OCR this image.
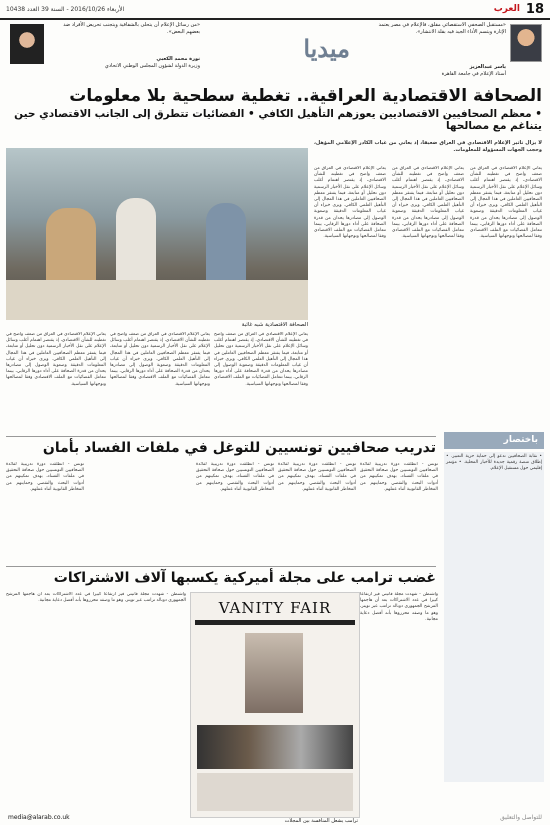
18
العرب
الأربعاء 2016/10/26 - السنة 39 العدد 10438
«مستقبل الصحفي الاستقصائي مقلق، فالإعلام في مصر يعتمد الإثارة ويتسم الأداء الجيد فيه بقلة الانتشار».
ياسر عبدالعزيز
أستاذ الإعلام في جامعة القاهرة
ميديا
«من رسائل الإعلام أن يتحلى بالشفافية ويتجنب تحريض الأفراد ضد بعضهم البعض».
نورة محمد الكعبي
وزيرة الدولة لشؤون المجلس الوطني الاتحادي
الصحافة الاقتصادية العراقية.. تغطية سطحية بلا معلومات
• معظم الصحافيين الاقتصاديين يعوزهم التأهيل الكافي • الفضائيات تتطرق إلى الجانب الاقتصادي حين يتناغم مع مصالحها
لا يزال تأثير الإعلام الاقتصادي في العراق ضعيفا، إذ يعاني من غياب الكادر الإعلامي المؤهل، وحجب الجهات المسؤولة للمعلومات.
يعاني الإعلام الاقتصادي في العراق من ضعف واضح في تغطيته للشأن الاقتصادي، إذ يقتصر اهتمام أغلب وسائل الإعلام على نقل الأخبار الرسمية دون تحليل أو متابعة، فيما يفتقر معظم الصحافيين العاملين في هذا المجال إلى التأهيل العلمي الكافي. ويرى خبراء أن غياب المعلومات الدقيقة وصعوبة الوصول إلى مصادرها يحدان من قدرة الصحافة على أداء دورها الرقابي، بينما تتعامل الفضائيات مع الملف الاقتصادي وفقا لمصالحها وتوجهاتها السياسية.
يعاني الإعلام الاقتصادي في العراق من ضعف واضح في تغطيته للشأن الاقتصادي، إذ يقتصر اهتمام أغلب وسائل الإعلام على نقل الأخبار الرسمية دون تحليل أو متابعة، فيما يفتقر معظم الصحافيين العاملين في هذا المجال إلى التأهيل العلمي الكافي. ويرى خبراء أن غياب المعلومات الدقيقة وصعوبة الوصول إلى مصادرها يحدان من قدرة الصحافة على أداء دورها الرقابي، بينما تتعامل الفضائيات مع الملف الاقتصادي وفقا لمصالحها وتوجهاتها السياسية.
يعاني الإعلام الاقتصادي في العراق من ضعف واضح في تغطيته للشأن الاقتصادي، إذ يقتصر اهتمام أغلب وسائل الإعلام على نقل الأخبار الرسمية دون تحليل أو متابعة، فيما يفتقر معظم الصحافيين العاملين في هذا المجال إلى التأهيل العلمي الكافي. ويرى خبراء أن غياب المعلومات الدقيقة وصعوبة الوصول إلى مصادرها يحدان من قدرة الصحافة على أداء دورها الرقابي، بينما تتعامل الفضائيات مع الملف الاقتصادي وفقا لمصالحها وتوجهاتها السياسية.
الصحافة الاقتصادية شبه غائبة
يعاني الإعلام الاقتصادي في العراق من ضعف واضح في تغطيته للشأن الاقتصادي، إذ يقتصر اهتمام أغلب وسائل الإعلام على نقل الأخبار الرسمية دون تحليل أو متابعة، فيما يفتقر معظم الصحافيين العاملين في هذا المجال إلى التأهيل العلمي الكافي. ويرى خبراء أن غياب المعلومات الدقيقة وصعوبة الوصول إلى مصادرها يحدان من قدرة الصحافة على أداء دورها الرقابي، بينما تتعامل الفضائيات مع الملف الاقتصادي وفقا لمصالحها وتوجهاتها السياسية.
يعاني الإعلام الاقتصادي في العراق من ضعف واضح في تغطيته للشأن الاقتصادي، إذ يقتصر اهتمام أغلب وسائل الإعلام على نقل الأخبار الرسمية دون تحليل أو متابعة، فيما يفتقر معظم الصحافيين العاملين في هذا المجال إلى التأهيل العلمي الكافي. ويرى خبراء أن غياب المعلومات الدقيقة وصعوبة الوصول إلى مصادرها يحدان من قدرة الصحافة على أداء دورها الرقابي، بينما تتعامل الفضائيات مع الملف الاقتصادي وفقا لمصالحها وتوجهاتها السياسية.
يعاني الإعلام الاقتصادي في العراق من ضعف واضح في تغطيته للشأن الاقتصادي، إذ يقتصر اهتمام أغلب وسائل الإعلام على نقل الأخبار الرسمية دون تحليل أو متابعة، فيما يفتقر معظم الصحافيين العاملين في هذا المجال إلى التأهيل العلمي الكافي. ويرى خبراء أن غياب المعلومات الدقيقة وصعوبة الوصول إلى مصادرها يحدان من قدرة الصحافة على أداء دورها الرقابي، بينما تتعامل الفضائيات مع الملف الاقتصادي وفقا لمصالحها وتوجهاتها السياسية.
باختصار
• نقابة الصحافيين تدعو إلى حماية حرية التعبير. • إطلاق منصة رقمية جديدة للأخبار المحلية. • مؤتمر إقليمي حول مستقبل الإعلام.
تدريب صحافيين تونسيين للتوغل في ملفات الفساد بأمان
تونس - انطلقت دورة تدريبية لفائدة الصحافيين التونسيين حول صحافة التحقيق في ملفات الفساد، بهدف تمكينهم من أدوات البحث والتقصي وحمايتهم من المخاطر القانونية أثناء عملهم.
تونس - انطلقت دورة تدريبية لفائدة الصحافيين التونسيين حول صحافة التحقيق في ملفات الفساد، بهدف تمكينهم من أدوات البحث والتقصي وحمايتهم من المخاطر القانونية أثناء عملهم.
تونس - انطلقت دورة تدريبية لفائدة الصحافيين التونسيين حول صحافة التحقيق في ملفات الفساد، بهدف تمكينهم من أدوات البحث والتقصي وحمايتهم من المخاطر القانونية أثناء عملهم.
تونس - انطلقت دورة تدريبية لفائدة الصحافيين التونسيين حول صحافة التحقيق في ملفات الفساد، بهدف تمكينهم من أدوات البحث والتقصي وحمايتهم من المخاطر القانونية أثناء عملهم.
غضب ترامب على مجلة أميركية يكسبها آلاف الاشتراكات
واشنطن - شهدت مجلة فانيتي فير ارتفاعا كبيرا في عدد الاشتراكات بعد أن هاجمها المرشح الجمهوري دونالد ترامب عبر تويتر، وهو ما وصفه محرروها بأنه أفضل دعاية مجانية.
واشنطن - شهدت مجلة فانيتي فير ارتفاعا كبيرا في عدد الاشتراكات بعد أن هاجمها المرشح الجمهوري دونالد ترامب عبر تويتر، وهو ما وصفه محرروها بأنه أفضل دعاية مجانية.	VANITY FAIR
ترامب يشعل المنافسة بين المجلات
media@alarab.co.uk	للتواصل والتعليق
